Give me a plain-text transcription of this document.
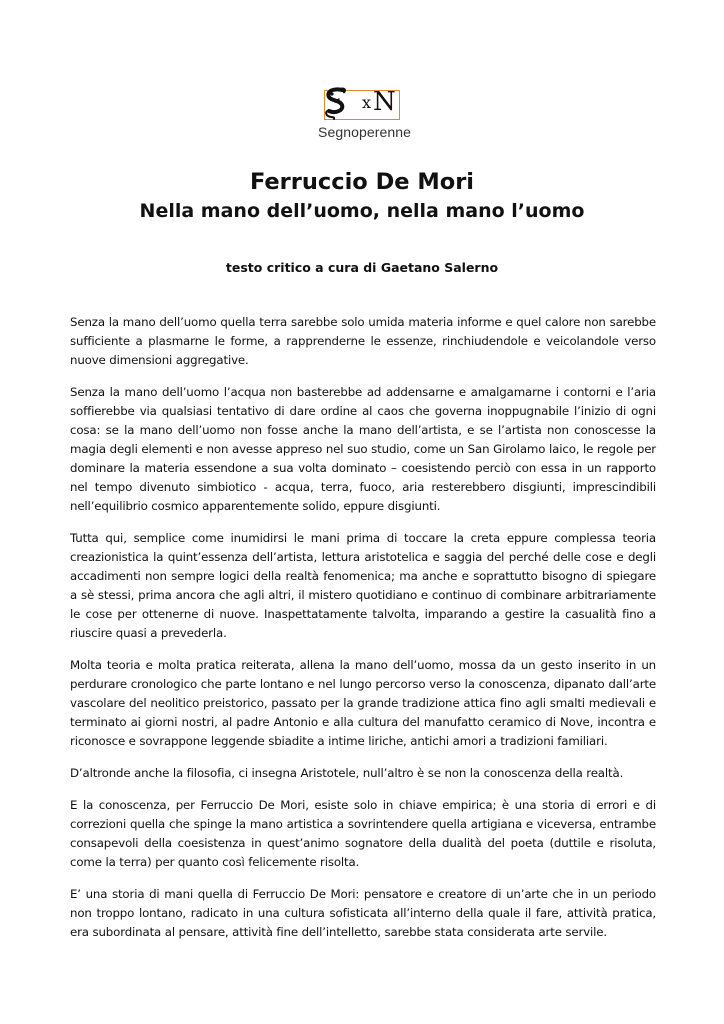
x N
Segnoperenne
Ferruccio De Mori
Nella mano dell’uomo, nella mano l’uomo
testo critico a cura di Gaetano Salerno

Senza la mano dell’uomo quella terra sarebbe solo umida materia informe e quel calore non sarebbe sufficiente a plasmarne le forme, a rapprenderne le essenze, rinchiudendole e veicolandole verso nuove dimensioni aggregative.

Senza la mano dell’uomo l’acqua non basterebbe ad addensarne e amalgamarne i contorni e l’aria soffierebbe via qualsiasi tentativo di dare ordine al caos che governa inoppugnabile l’inizio di ogni cosa: se la mano dell’uomo non fosse anche la mano dell’artista, e se l’artista non conoscesse la magia degli elementi e non avesse appreso nel suo studio, come un San Girolamo laico, le regole per dominare la materia essendone a sua volta dominato – coesistendo perciò con essa in un rapporto nel tempo divenuto simbiotico - acqua, terra, fuoco, aria resterebbero disgiunti, imprescindibili nell’equilibrio cosmico apparentemente solido, eppure disgiunti.

Tutta qui, semplice come inumidirsi le mani prima di toccare la creta eppure complessa teoria creazionistica la quint’essenza dell’artista, lettura aristotelica e saggia del perché delle cose e degli accadimenti non sempre logici della realtà fenomenica; ma anche e soprattutto bisogno di spiegare a sè stessi, prima ancora che agli altri, il mistero quotidiano e continuo di combinare arbitrariamente le cose per ottenerne di nuove. Inaspettatamente talvolta, imparando a gestire la casualità fino a riuscire quasi a prevederla.

Molta teoria e molta pratica reiterata, allena la mano dell’uomo, mossa da un gesto inserito in un perdurare cronologico che parte lontano e nel lungo percorso verso la conoscenza, dipanato dall’arte vascolare del neolitico preistorico, passato per la grande tradizione attica fino agli smalti medievali e terminato ai giorni nostri, al padre Antonio e alla cultura del manufatto ceramico di Nove, incontra e riconosce e sovrappone leggende sbiadite a intime liriche, antichi amori a tradizioni familiari.

D’altronde anche la filosofia, ci insegna Aristotele, null’altro è se non la conoscenza della realtà.

E la conoscenza, per Ferruccio De Mori, esiste solo in chiave empirica; è una storia di errori e di correzioni quella che spinge la mano artistica a sovrintendere quella artigiana e viceversa, entrambe consapevoli della coesistenza in quest’animo sognatore della dualità del poeta (duttile e risoluta, come la terra) per quanto così felicemente risolta.

E’ una storia di mani quella di Ferruccio De Mori: pensatore e creatore di un’arte che in un periodo non troppo lontano, radicato in una cultura sofisticata all’interno della quale il fare, attività pratica, era subordinata al pensare, attività fine dell’intelletto, sarebbe stata considerata arte servile.
